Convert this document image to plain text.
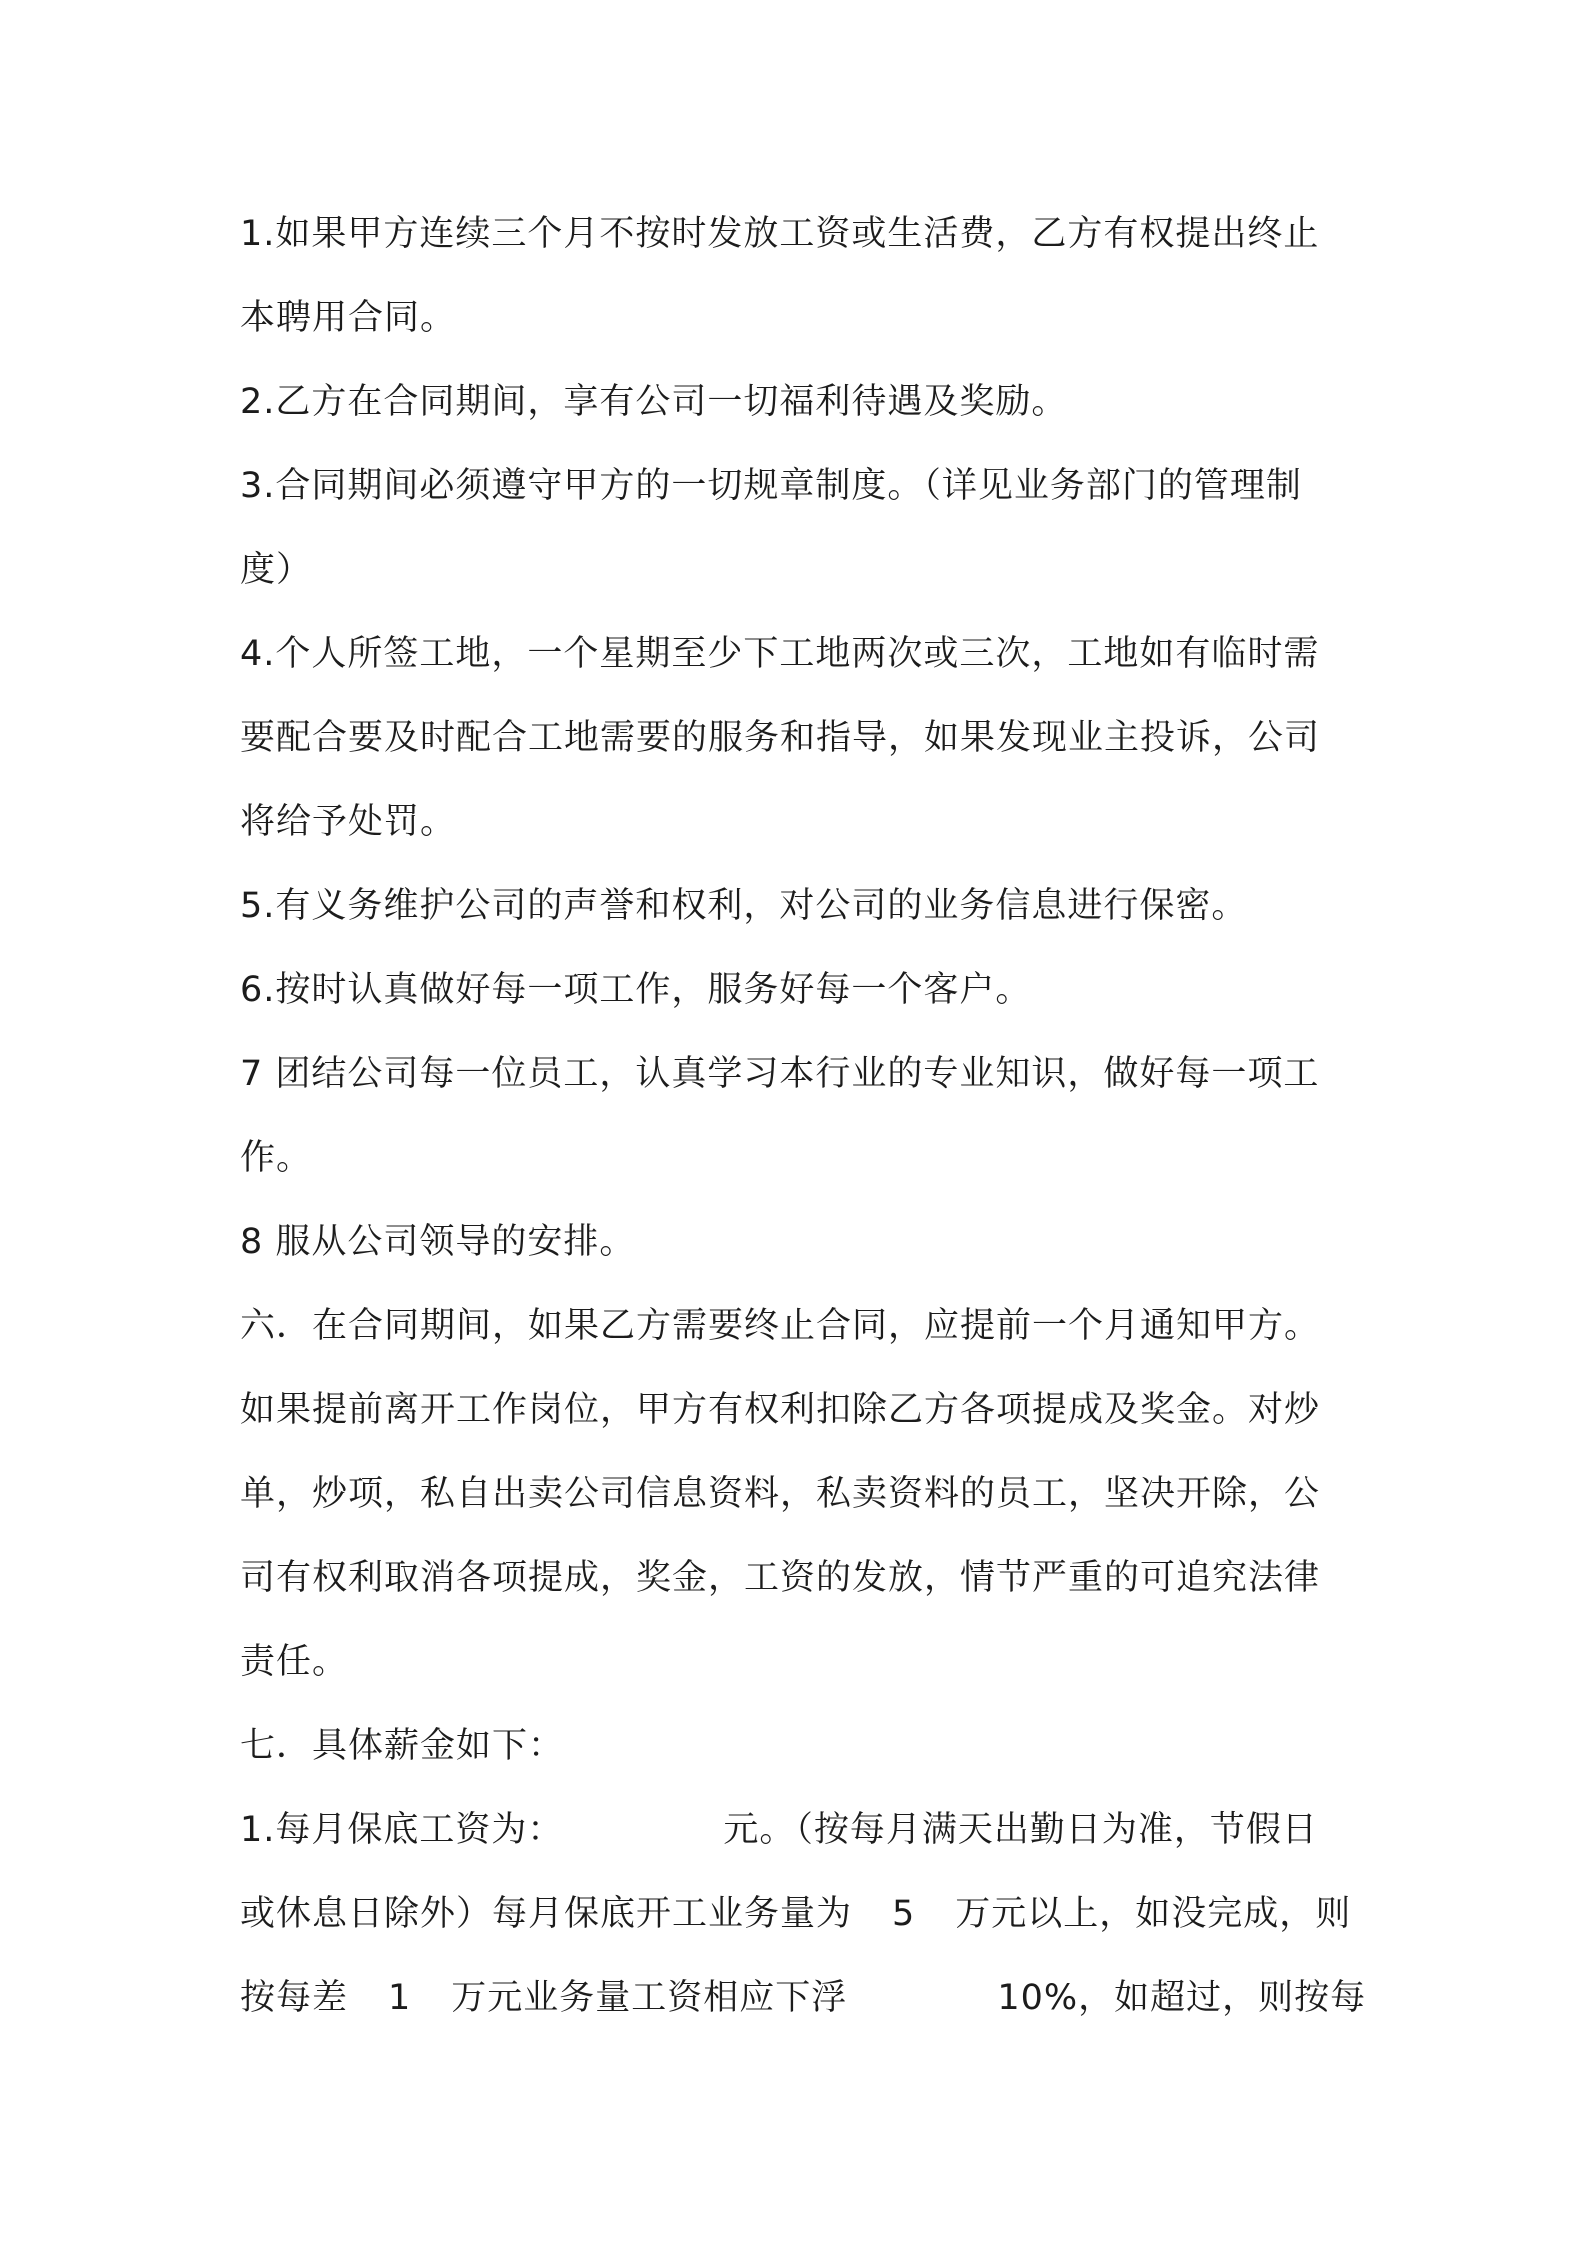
1.如果甲方连续三个月不按时发放工资或生活费，乙方有权提出终止
本聘用合同。
2.乙方在合同期间，享有公司一切福利待遇及奖励。
3.合同期间必须遵守甲方的一切规章制度。（详见业务部门的管理制
度）
4.个人所签工地，一个星期至少下工地两次或三次，工地如有临时需
要配合要及时配合工地需要的服务和指导，如果发现业主投诉，公司
将给予处罚。
5.有义务维护公司的声誉和权利，对公司的业务信息进行保密。
6.按时认真做好每一项工作，服务好每一个客户。
7 团结公司每一位员工，认真学习本行业的专业知识，做好每一项工
作。
8 服从公司领导的安排。
六．在合同期间，如果乙方需要终止合同，应提前一个月通知甲方。
如果提前离开工作岗位，甲方有权利扣除乙方各项提成及奖金。对炒
单，炒项，私自出卖公司信息资料，私卖资料的员工，坚决开除，公
司有权利取消各项提成，奖金，工资的发放，情节严重的可追究法律
责任。
七．具体薪金如下：
1.每月保底工资为：	元。（按每月满天出勤日为准，节假日
或休息日除外）每月保底开工业务量为 5 万元以上，如没完成，则
按每差 1 万元业务量工资相应下浮	10%，如超过，则按每
